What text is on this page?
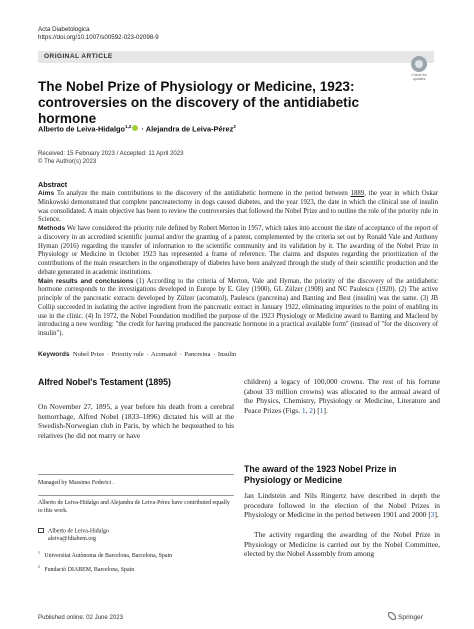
Acta Diabetologica
https://doi.org/10.1007/s00592-023-02098-9
ORIGINAL ARTICLE
Check for updates
The Nobel Prize of Physiology or Medicine, 1923: controversies on the discovery of the antidiabetic hormone
Alberto de Leiva-Hidalgo$^{1,2}$ · Alejandra de Leiva-Pérez$^2$
Received: 15 February 2023 / Accepted: 11 April 2023
© The Author(s) 2023
Abstract

Aims To analyze the main contributions to the discovery of the antidiabetic hormone in the period between 1889, the year in which Oskar Minkowski demonstrated that complete pancreatectomy in dogs caused diabetes, and the year 1923, the date in which the clinical use of insulin was consolidated. A main objective has been to review the controversies that followed the Nobel Prize and to outline the role of the priority rule in Science.

Methods We have considered the priority rule defined by Robert Merton in 1957, which takes into account the date of acceptance of the report of a discovery in an accredited scientific journal and/or the granting of a patent, complemented by the criteria set out by Ronald Vale and Anthony Hyman (2016) regarding the transfer of information to the scientific community and its validation by it. The awarding of the Nobel Prize in Physiology or Medicine in October 1923 has represented a frame of reference. The claims and disputes regarding the prioritization of the contributions of the main researchers in the organotherapy of diabetes have been analyzed through the study of their scientific production and the debate generated in academic institutions.

Main results and conclusions (1) According to the criteria of Merton, Vale and Hyman, the priority of the discovery of the antidiabetic hormone corresponds to the investigations developed in Europe by E. Gley (1900), GL Zülzer (1908) and NC Paulescu (1920). (2) The active principle of the pancreatic extracts developed by Zülzer (acomatol), Paulescu (pancreina) and Banting and Best (insulin) was the same. (3) JB Collip succeeded in isolating the active ingredient from the pancreatic extract in January 1922, eliminating impurities to the point of enabling its use in the clinic. (4) In 1972, the Nobel Foundation modified the purpose of the 1923 Physiology or Medicine award to Banting and Macleod by introducing a new wording: "the credit for having produced the pancreatic hormone in a practical available form" (instead of "for the discovery of insulin").

Keywords Nobel Prize · Priority rule · Acomatol · Pancreina · Insulin
Alfred Nobel's Testament (1895)
On November 27, 1895, a year before his death from a cerebral hemorrhage, Alfred Nobel (1833–1896) dictated his will at the Swedish-Norwegian club in Paris, by which he bequeathed to his relatives (he did not marry or have
Managed by Massimo Federici .
Alberto de Leiva-Hidalgo and Alejandra de Leiva-Pérez have contributed equally to this work.
Alberto de Leiva-Hidalgo
aleiva@fdiabem.org
$^1$ Universitat Autònoma de Barcelona, Barcelona, Spain
$^2$ Fundació DIABEM, Barcelona, Spain
children) a legacy of 100,000 crowns. The rest of his fortune (about 33 million crowns) was allocated to the annual award of the Physics, Chemistry, Physiology or Medicine, Literature and Peace Prizes (Figs. 1, 2) [1].
The award of the 1923 Nobel Prize in Physiology or Medicine
Jan Lindstein and Nils Ringertz have described in depth the procedure followed in the election of the Nobel Prizes in Physiology or Medicine in the period between 1901 and 2000 [3].
The activity regarding the awarding of the Nobel Prize in Physiology or Medicine is carried out by the Nobel Committee, elected by the Nobel Assembly from among
Published online: 02 June 2023	Springer
